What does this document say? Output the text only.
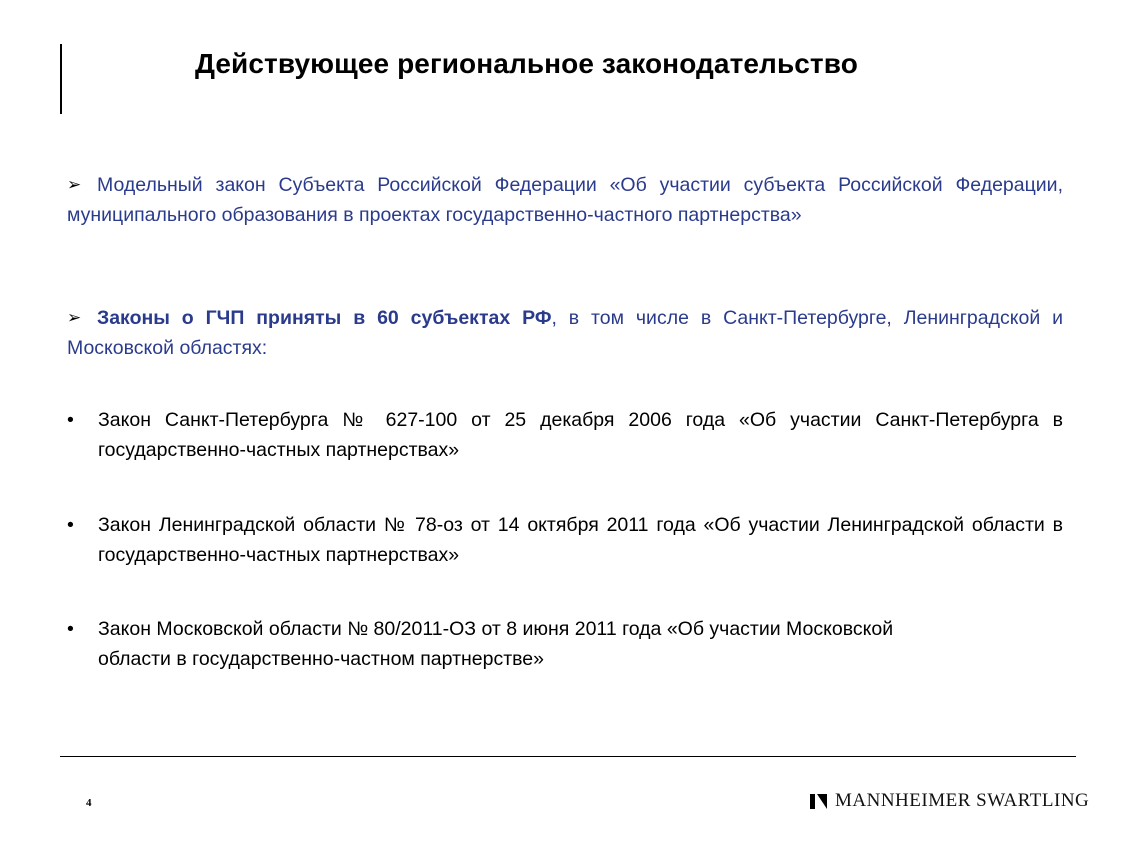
Действующее региональное законодательство
➢ Модельный закон Субъекта Российской Федерации «Об участии субъекта Российской Федерации, муниципального образования в проектах государственно-частного партнерства»
➢ Законы о ГЧП приняты в 60 субъектах РФ, в том числе в Санкт-Петербурге, Ленинградской и Московской областях:
•	Закон Санкт-Петербурга № 627-100 от 25 декабря 2006 года «Об участии Санкт-Петербурга в государственно-частных партнерствах»
•	Закон Ленинградской области № 78-оз от 14 октября 2011 года «Об участии Ленинградской области в государственно-частных партнерствах»
•	Закон Московской области № 80/2011-ОЗ от 8 июня 2011 года «Об участии Московской области в государственно-частном партнерстве»
4	MANNHEIMER SWARTLING
